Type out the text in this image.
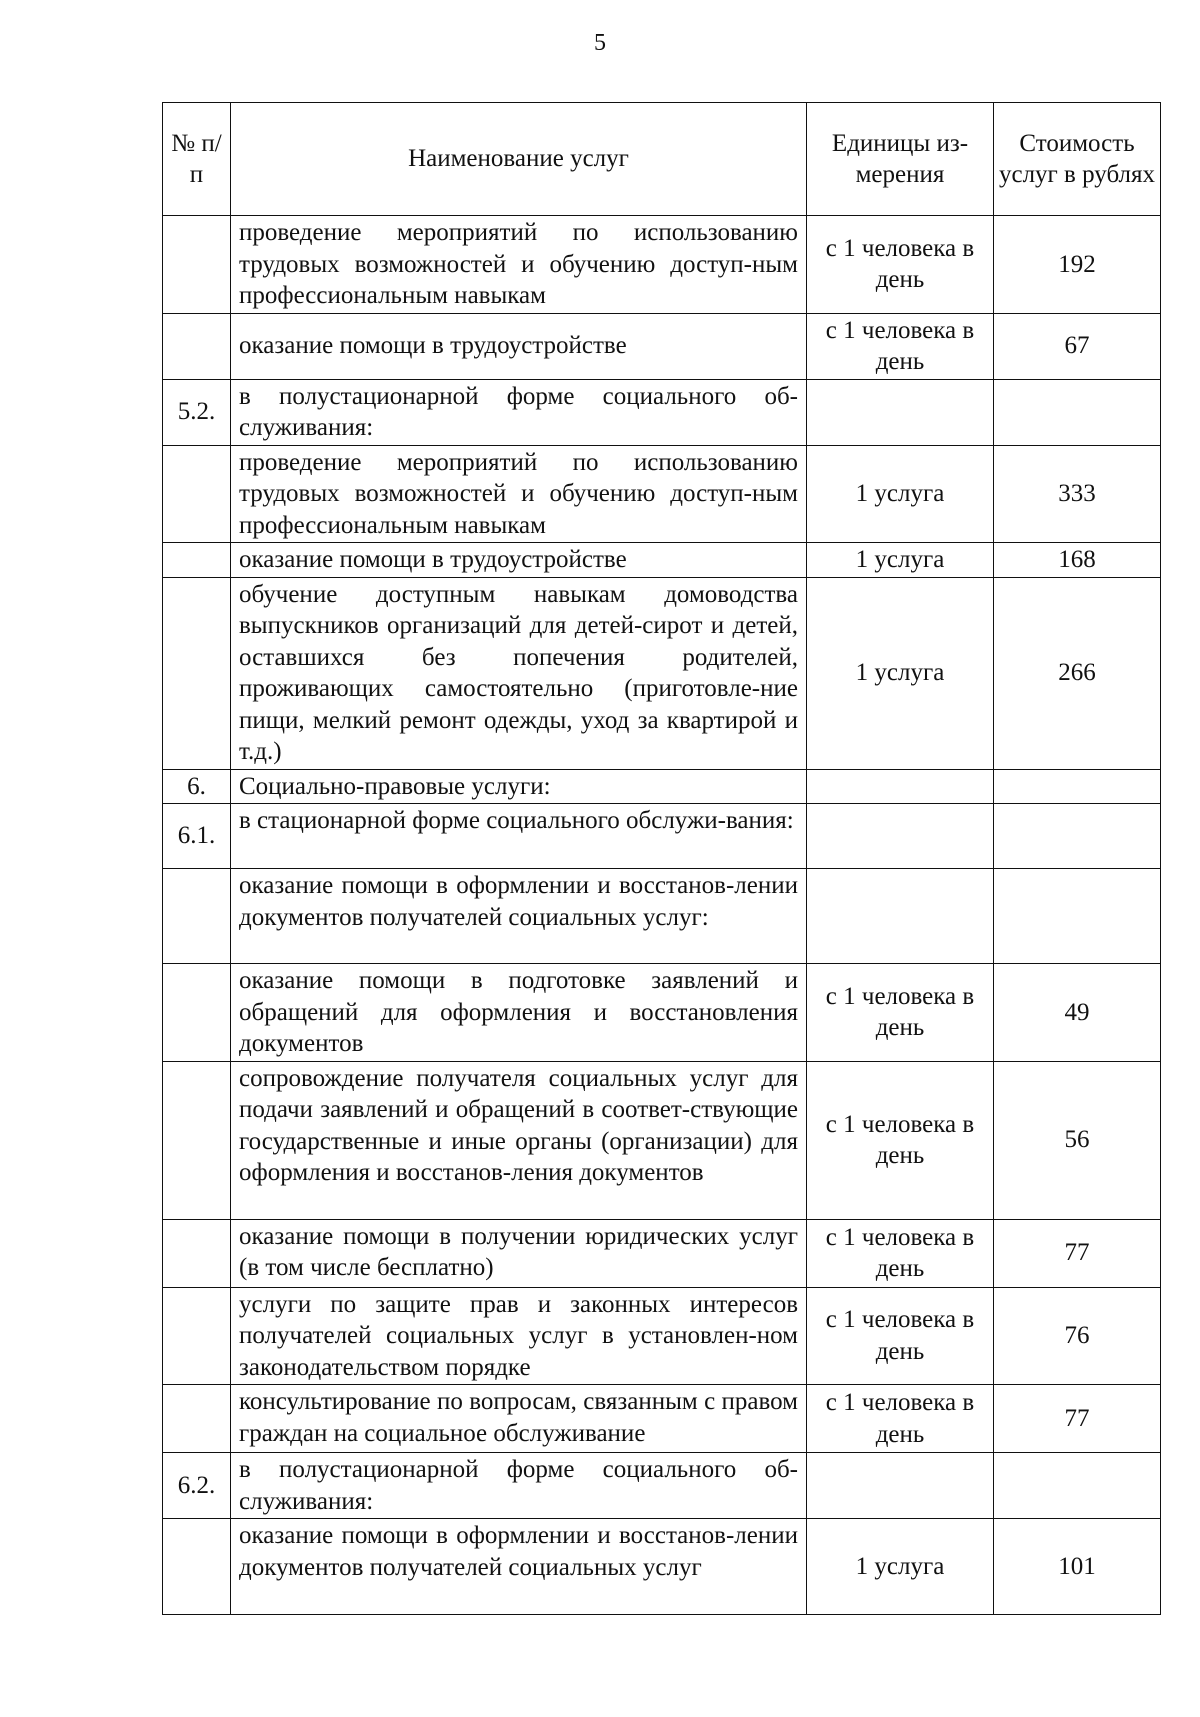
5
№ п/п	Наименование услуг	Единицы из-мерения	Стоимость услуг в рублях
	проведение мероприятий по использованию трудовых возможностей и обучению доступ-ным профессиональным навыкам	с 1 человека в день	192
	оказание помощи в трудоустройстве	с 1 человека в день	67
5.2.	в полустационарной форме социального об-служивания:		
	проведение мероприятий по использованию трудовых возможностей и обучению доступ-ным профессиональным навыкам	1 услуга	333
	оказание помощи в трудоустройстве	1 услуга	168
	обучение доступным навыкам домоводства выпускников организаций для детей-сирот и детей, оставшихся без попечения родителей, проживающих самостоятельно (приготовле-ние пищи, мелкий ремонт одежды, уход за квартирой и т.д.)	1 услуга	266
6.	Социально-правовые услуги:		
6.1.	в стационарной форме социального обслужи-вания:		
	оказание помощи в оформлении и восстанов-лении документов получателей социальных услуг:		
	оказание помощи в подготовке заявлений и обращений для оформления и восстановления документов	с 1 человека в день	49
	сопровождение получателя социальных услуг для подачи заявлений и обращений в соответ-ствующие государственные и иные органы (организации) для оформления и восстанов-ления документов	с 1 человека в день	56
	оказание помощи в получении юридических услуг (в том числе бесплатно)	с 1 человека в день	77
	услуги по защите прав и законных интересов получателей социальных услуг в установлен-ном законодательством порядке	с 1 человека в день	76
	консультирование по вопросам, связанным с правом граждан на социальное обслуживание	с 1 человека в день	77
6.2.	в полустационарной форме социального об-служивания:		
	оказание помощи в оформлении и восстанов-лении документов получателей социальных услуг	1 услуга	101
